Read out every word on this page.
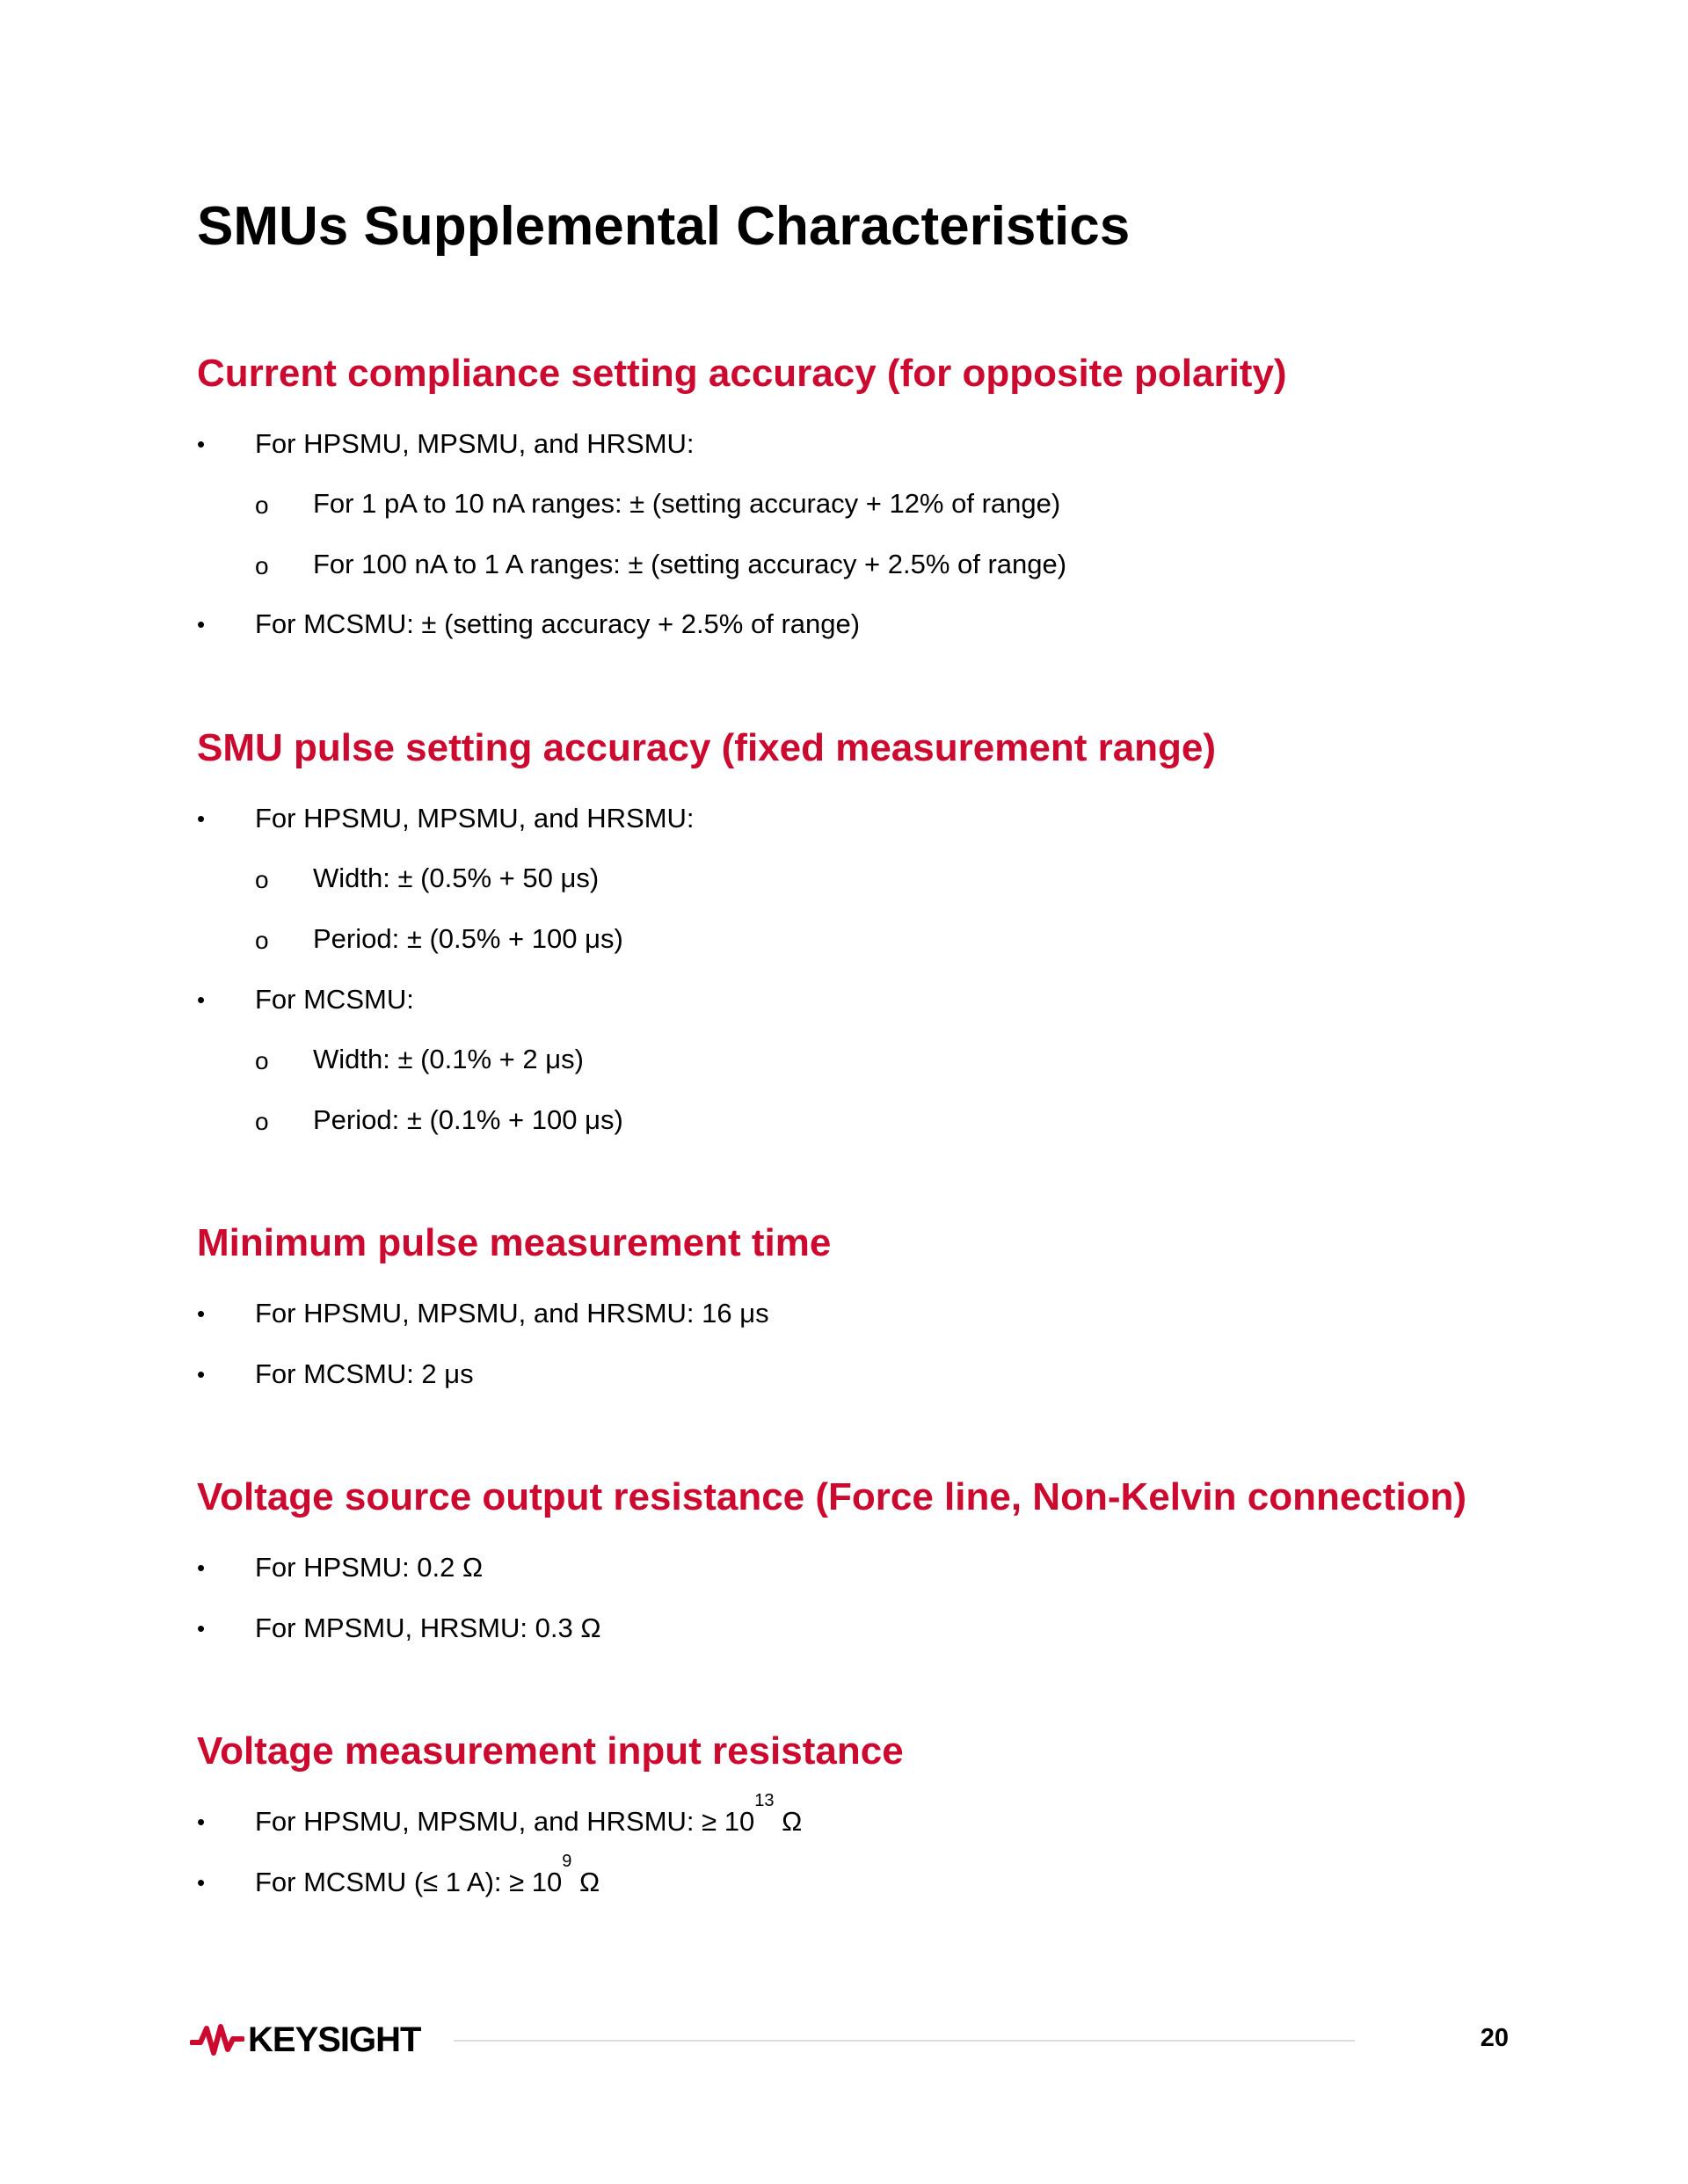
SMUs Supplemental Characteristics
Current compliance setting accuracy (for opposite polarity)
•	For HPSMU, MPSMU, and HRSMU:
o	For 1 pA to 10 nA ranges: ± (setting accuracy + 12% of range)
o	For 100 nA to 1 A ranges: ± (setting accuracy + 2.5% of range)
•	For MCSMU: ± (setting accuracy + 2.5% of range)
SMU pulse setting accuracy (fixed measurement range)
•	For HPSMU, MPSMU, and HRSMU:
o	Width: ± (0.5% + 50 μs)
o	Period: ± (0.5% + 100 μs)
•	For MCSMU:
o	Width: ± (0.1% + 2 μs)
o	Period: ± (0.1% + 100 μs)
Minimum pulse measurement time
•	For HPSMU, MPSMU, and HRSMU: 16 μs
•	For MCSMU: 2 μs
Voltage source output resistance (Force line, Non-Kelvin connection)
•	For HPSMU: 0.2 Ω
•	For MPSMU, HRSMU: 0.3 Ω
Voltage measurement input resistance
•	For HPSMU, MPSMU, and HRSMU: ≥ $10^{13}$ Ω
•	For MCSMU (≤ 1 A): ≥ $10^9$ Ω
KEYSIGHT	20
